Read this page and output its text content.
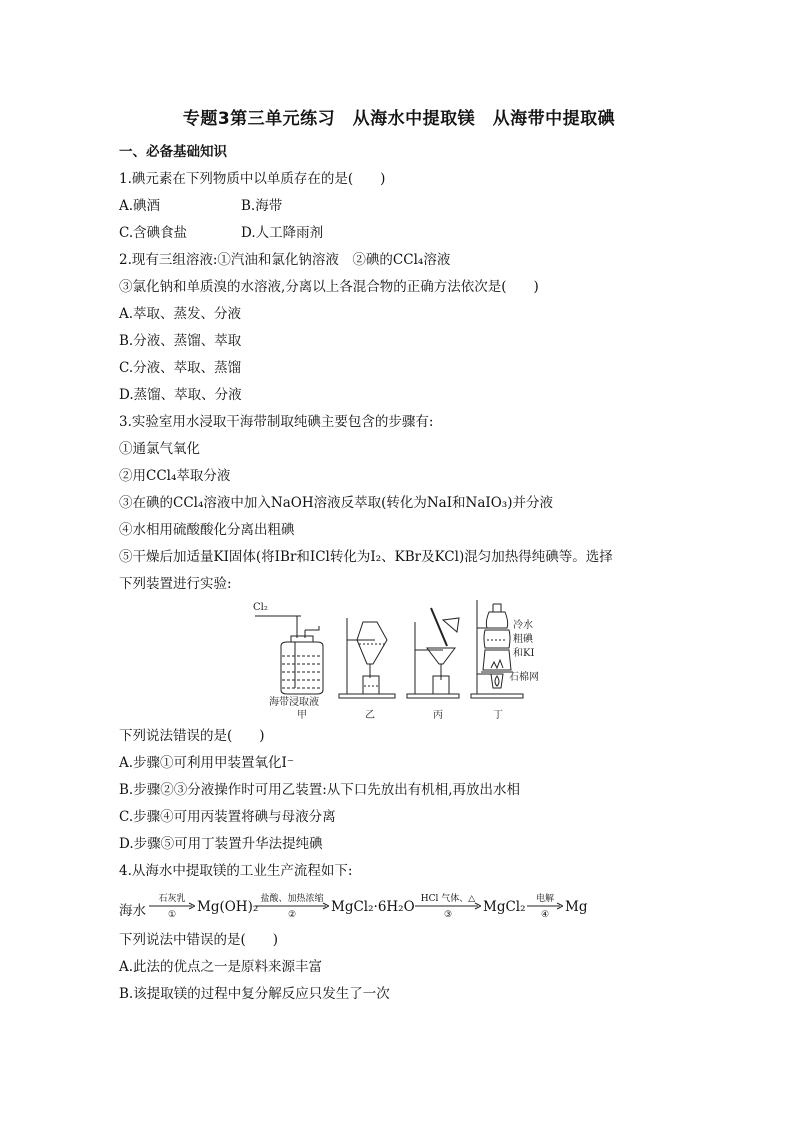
专题3第三单元练习　从海水中提取镁　从海带中提取碘
一、必备基础知识
1.碘元素在下列物质中以单质存在的是(　　)
A.碘酒	B.海带
C.含碘食盐	D.人工降雨剂
2.现有三组溶液:①汽油和氯化钠溶液　②碘的CCl₄溶液
③氯化钠和单质溴的水溶液,分离以上各混合物的正确方法依次是(　　)
A.萃取、蒸发、分液
B.分液、蒸馏、萃取
C.分液、萃取、蒸馏
D.蒸馏、萃取、分液
3.实验室用水浸取干海带制取纯碘主要包含的步骤有:
①通氯气氧化
②用CCl₄萃取分液
③在碘的CCl₄溶液中加入NaOH溶液反萃取(转化为NaI和NaIO₃)并分液
④水相用硫酸酸化分离出粗碘
⑤干燥后加适量KI固体(将IBr和ICl转化为I₂、KBr及KCl)混匀加热得纯碘等。选择
下列装置进行实验:
Cl₂
海带浸取液
甲	乙	丙
冷水
粗碘
和KI
石棉网
丁
下列说法错误的是(　　)
A.步骤①可利用甲装置氧化I⁻
B.步骤②③分液操作时可用乙装置:从下口先放出有机相,再放出水相
C.步骤④可用丙装置将碘与母液分离
D.步骤⑤可用丁装置升华法提纯碘
4.从海水中提取镁的工业生产流程如下:
海水
石灰乳
①	Mg(OH)₂ 盐酸、加热浓缩
②	MgCl₂·6H₂O HCl 气体、△
③	MgCl₂	电解
④	Mg
下列说法中错误的是(　　)
A.此法的优点之一是原料来源丰富
B.该提取镁的过程中复分解反应只发生了一次
